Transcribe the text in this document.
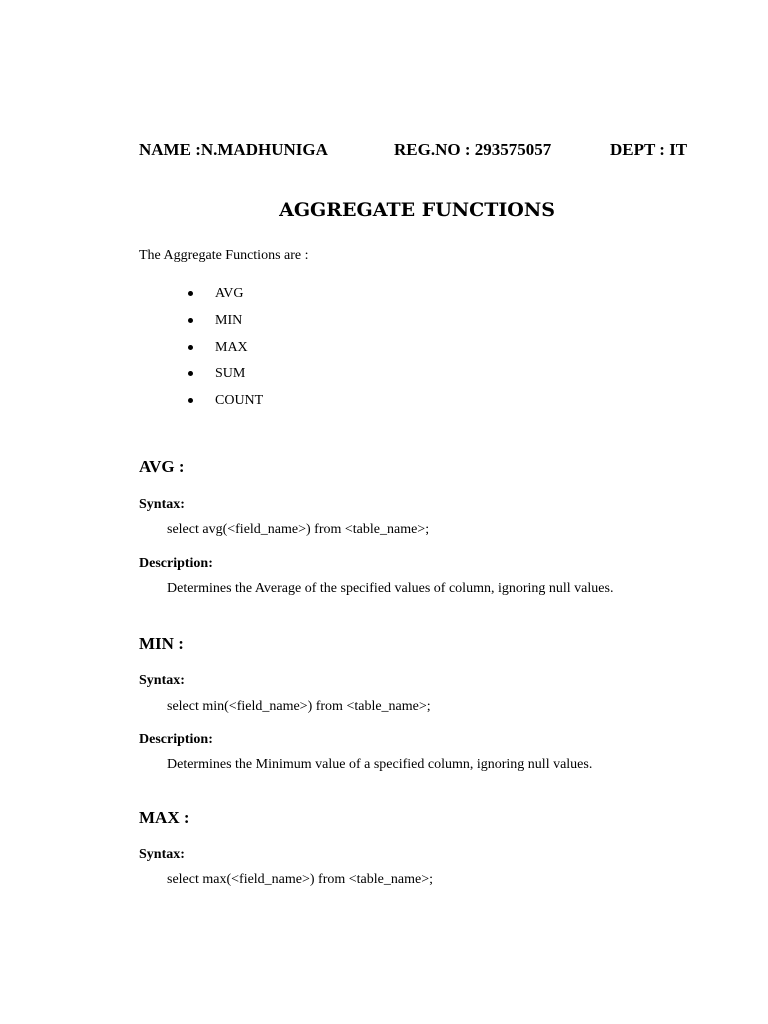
NAME :N.MADHUNIGA	REG.NO : 293575057	DEPT : IT
AGGREGATE FUNCTIONS
The Aggregate Functions are :
AVG
MIN
MAX
SUM
COUNT
AVG :
Syntax:
select avg(<field_name>) from <table_name>;
Description:
Determines the Average of the specified values of column, ignoring null values.
MIN :
Syntax:
select min(<field_name>) from <table_name>;
Description:
Determines the Minimum value of a specified column, ignoring null values.
MAX :
Syntax:
select max(<field_name>) from <table_name>;
